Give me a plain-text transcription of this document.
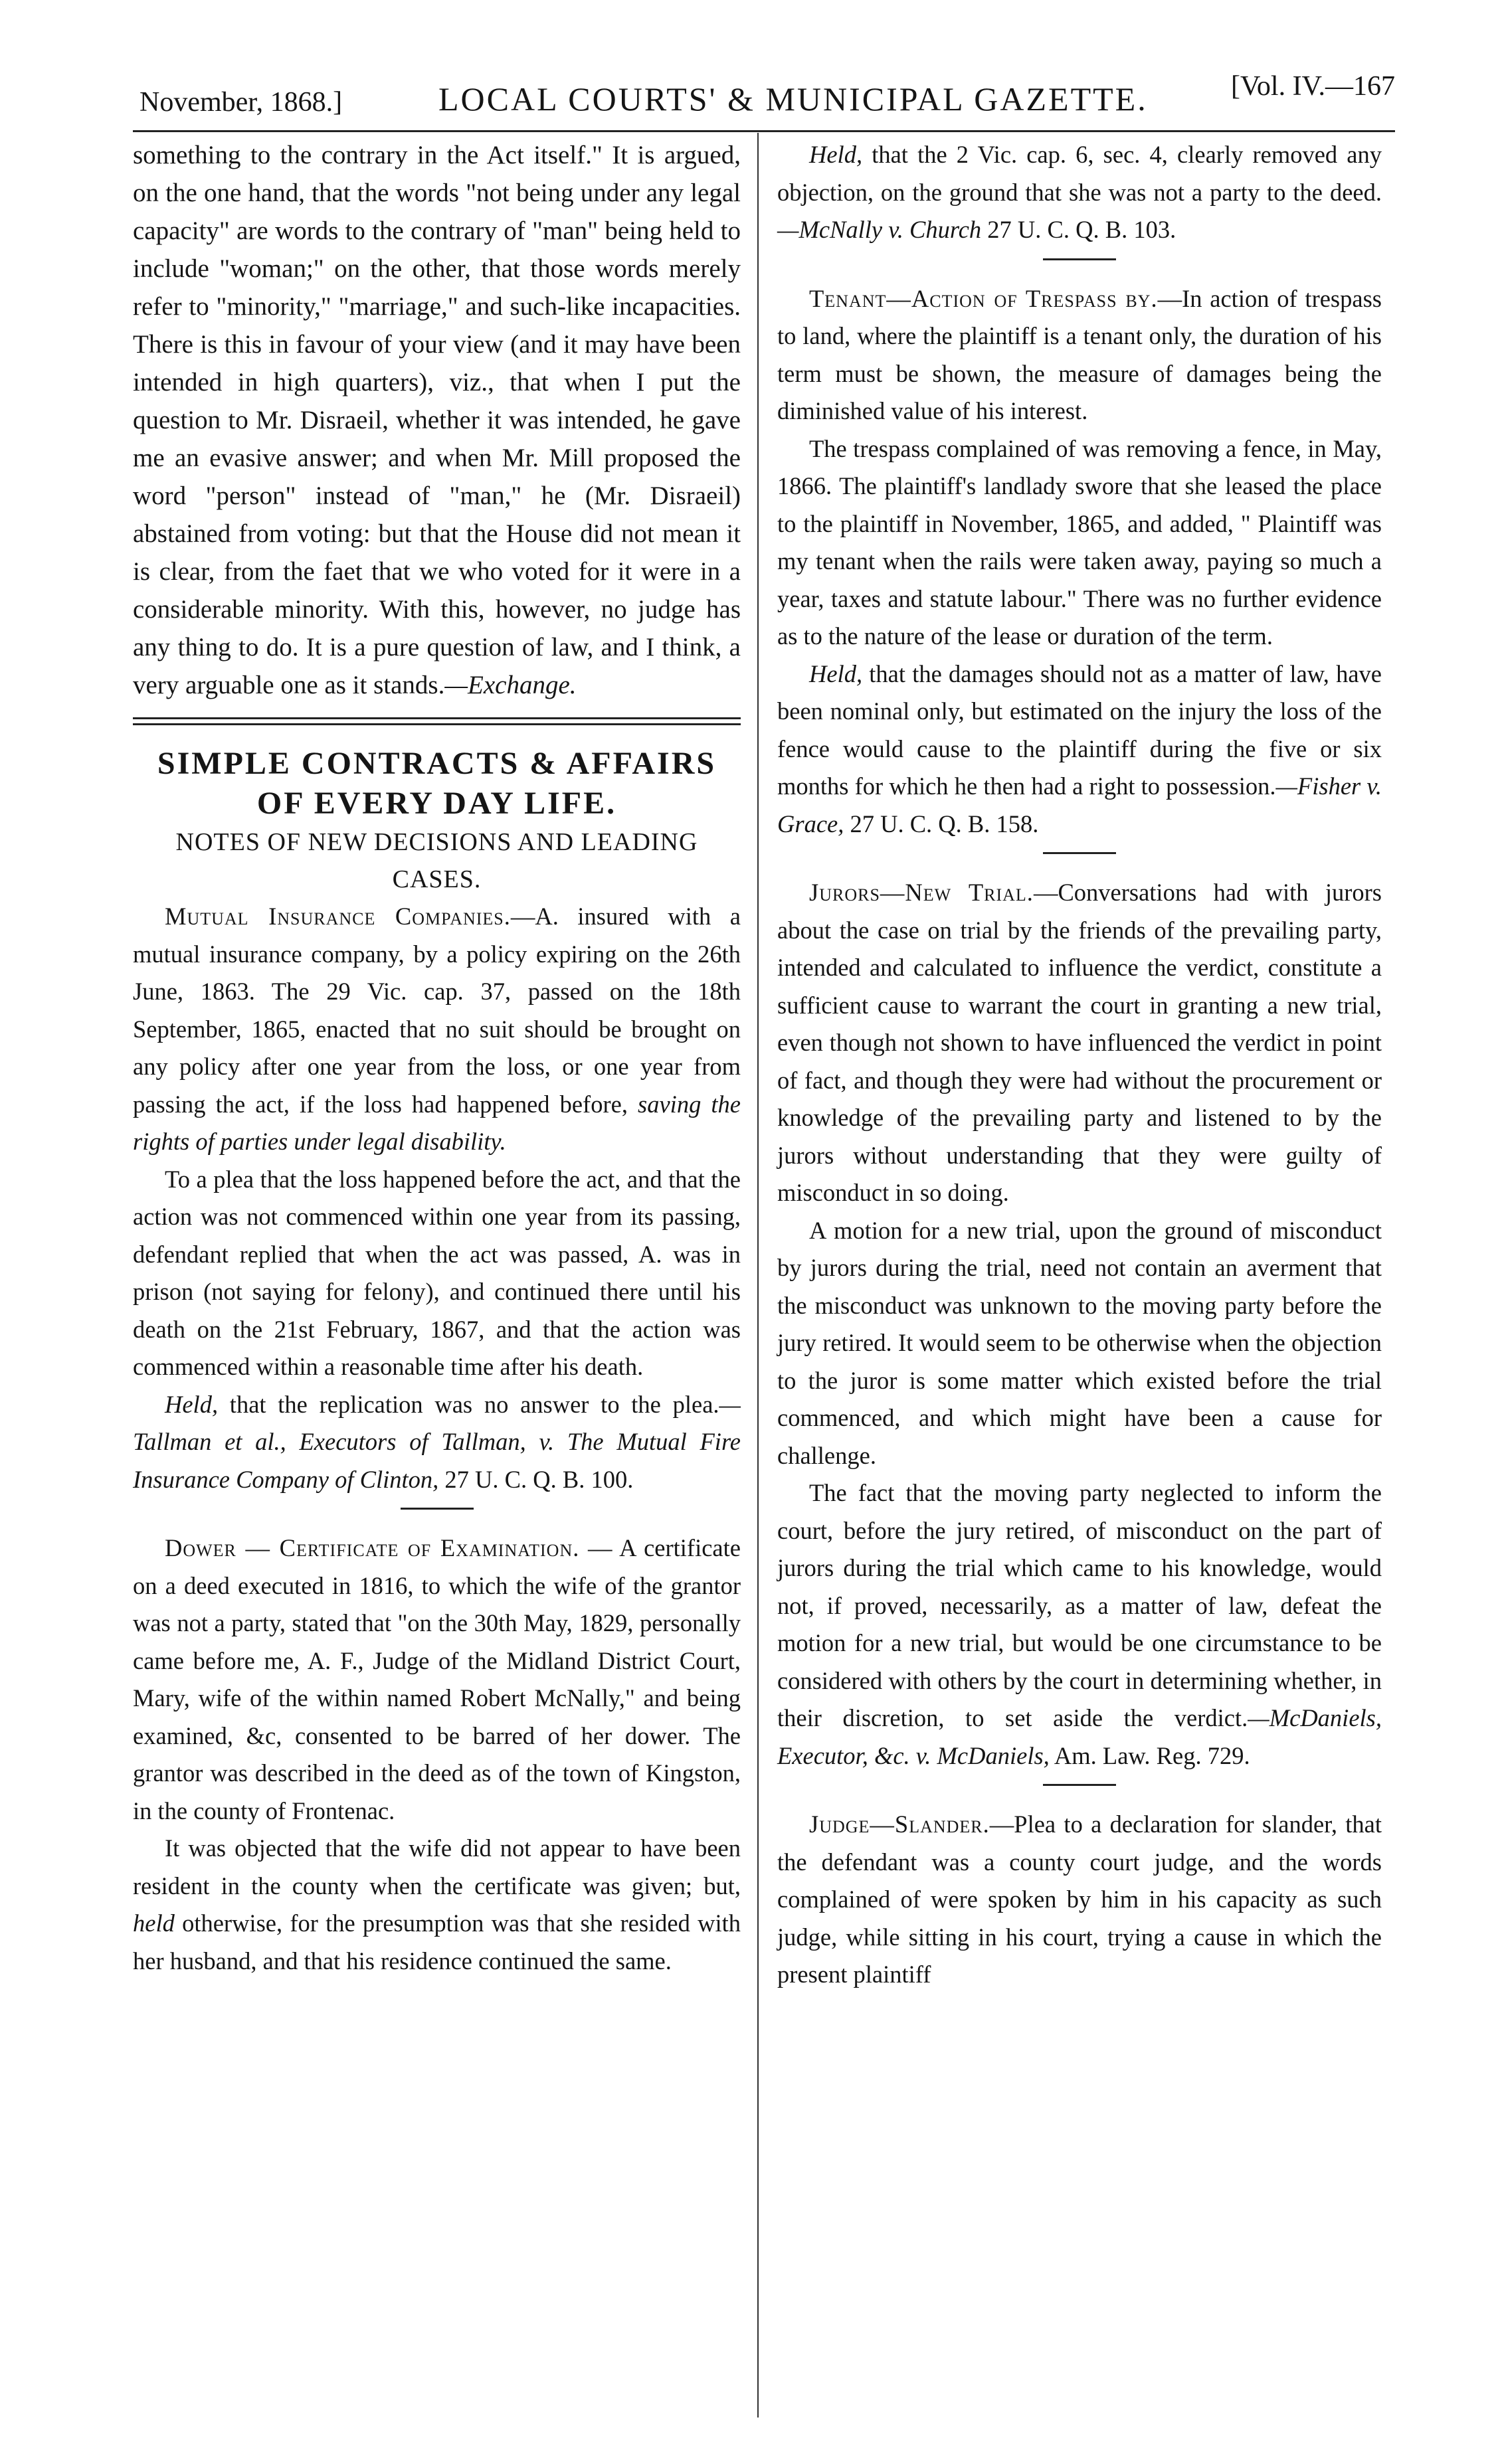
November, 1868.]	LOCAL COURTS' & MUNICIPAL GAZETTE.	[Vol. IV.—167

something to the contrary in the Act itself." It is argued, on the one hand, that the words "not being under any legal capacity" are words to the contrary of "man" being held to include "woman;" on the other, that those words merely refer to "minority," "marriage," and such-like incapacities. There is this in favour of your view (and it may have been intended in high quarters), viz., that when I put the question to Mr. Disraeil, whether it was intended, he gave me an evasive answer; and when Mr. Mill proposed the word "person" instead of "man," he (Mr. Disraeil) abstained from voting: but that the House did not mean it is clear, from the faet that we who voted for it were in a considerable minority. With this, however, no judge has any thing to do. It is a pure question of law, and I think, a very arguable one as it stands.—Exchange.

SIMPLE CONTRACTS & AFFAIRS

OF EVERY DAY LIFE.

NOTES OF NEW DECISIONS AND LEADING CASES.

Mutual Insurance Companies.—A. insured with a mutual insurance company, by a policy expiring on the 26th June, 1863. The 29 Vic. cap. 37, passed on the 18th September, 1865, enacted that no suit should be brought on any policy after one year from the loss, or one year from passing the act, if the loss had happened before, saving the rights of parties under legal disability.

To a plea that the loss happened before the act, and that the action was not commenced within one year from its passing, defendant replied that when the act was passed, A. was in prison (not saying for felony), and continued there until his death on the 21st February, 1867, and that the action was commenced within a reasonable time after his death.

Held, that the replication was no answer to the plea.—Tallman et al., Executors of Tallman, v. The Mutual Fire Insurance Company of Clinton, 27 U. C. Q. B. 100.

Dower — Certificate of Examination. — A certificate on a deed executed in 1816, to which the wife of the grantor was not a party, stated that "on the 30th May, 1829, personally came before me, A. F., Judge of the Midland District Court, Mary, wife of the within named Robert McNally," and being examined, &c, consented to be barred of her dower. The grantor was described in the deed as of the town of Kingston, in the county of Frontenac.

It was objected that the wife did not appear to have been resident in the county when the certificate was given; but, held otherwise, for the presumption was that she resided with her husband, and that his residence continued the same.

Held, that the 2 Vic. cap. 6, sec. 4, clearly removed any objection, on the ground that she was not a party to the deed.—McNally v. Church 27 U. C. Q. B. 103.

Tenant—Action of Trespass by.—In action of trespass to land, where the plaintiff is a tenant only, the duration of his term must be shown, the measure of damages being the diminished value of his interest.

The trespass complained of was removing a fence, in May, 1866. The plaintiff's landlady swore that she leased the place to the plaintiff in November, 1865, and added, " Plaintiff was my tenant when the rails were taken away, paying so much a year, taxes and statute labour." There was no further evidence as to the nature of the lease or duration of the term.

Held, that the damages should not as a matter of law, have been nominal only, but estimated on the injury the loss of the fence would cause to the plaintiff during the five or six months for which he then had a right to possession.—Fisher v. Grace, 27 U. C. Q. B. 158.

Jurors—New Trial.—Conversations had with jurors about the case on trial by the friends of the prevailing party, intended and calculated to influence the verdict, constitute a sufficient cause to warrant the court in granting a new trial, even though not shown to have influenced the verdict in point of fact, and though they were had without the procurement or knowledge of the prevailing party and listened to by the jurors without understanding that they were guilty of misconduct in so doing.

A motion for a new trial, upon the ground of misconduct by jurors during the trial, need not contain an averment that the misconduct was unknown to the moving party before the jury retired. It would seem to be otherwise when the objection to the juror is some matter which existed before the trial commenced, and which might have been a cause for challenge.

The fact that the moving party neglected to inform the court, before the jury retired, of misconduct on the part of jurors during the trial which came to his knowledge, would not, if proved, necessarily, as a matter of law, defeat the motion for a new trial, but would be one circumstance to be considered with others by the court in determining whether, in their discretion, to set aside the verdict.—McDaniels, Executor, &c. v. McDaniels, Am. Law. Reg. 729.

Judge—Slander.—Plea to a declaration for slander, that the defendant was a county court judge, and the words complained of were spoken by him in his capacity as such judge, while sitting in his court, trying a cause in which the present plaintiff
